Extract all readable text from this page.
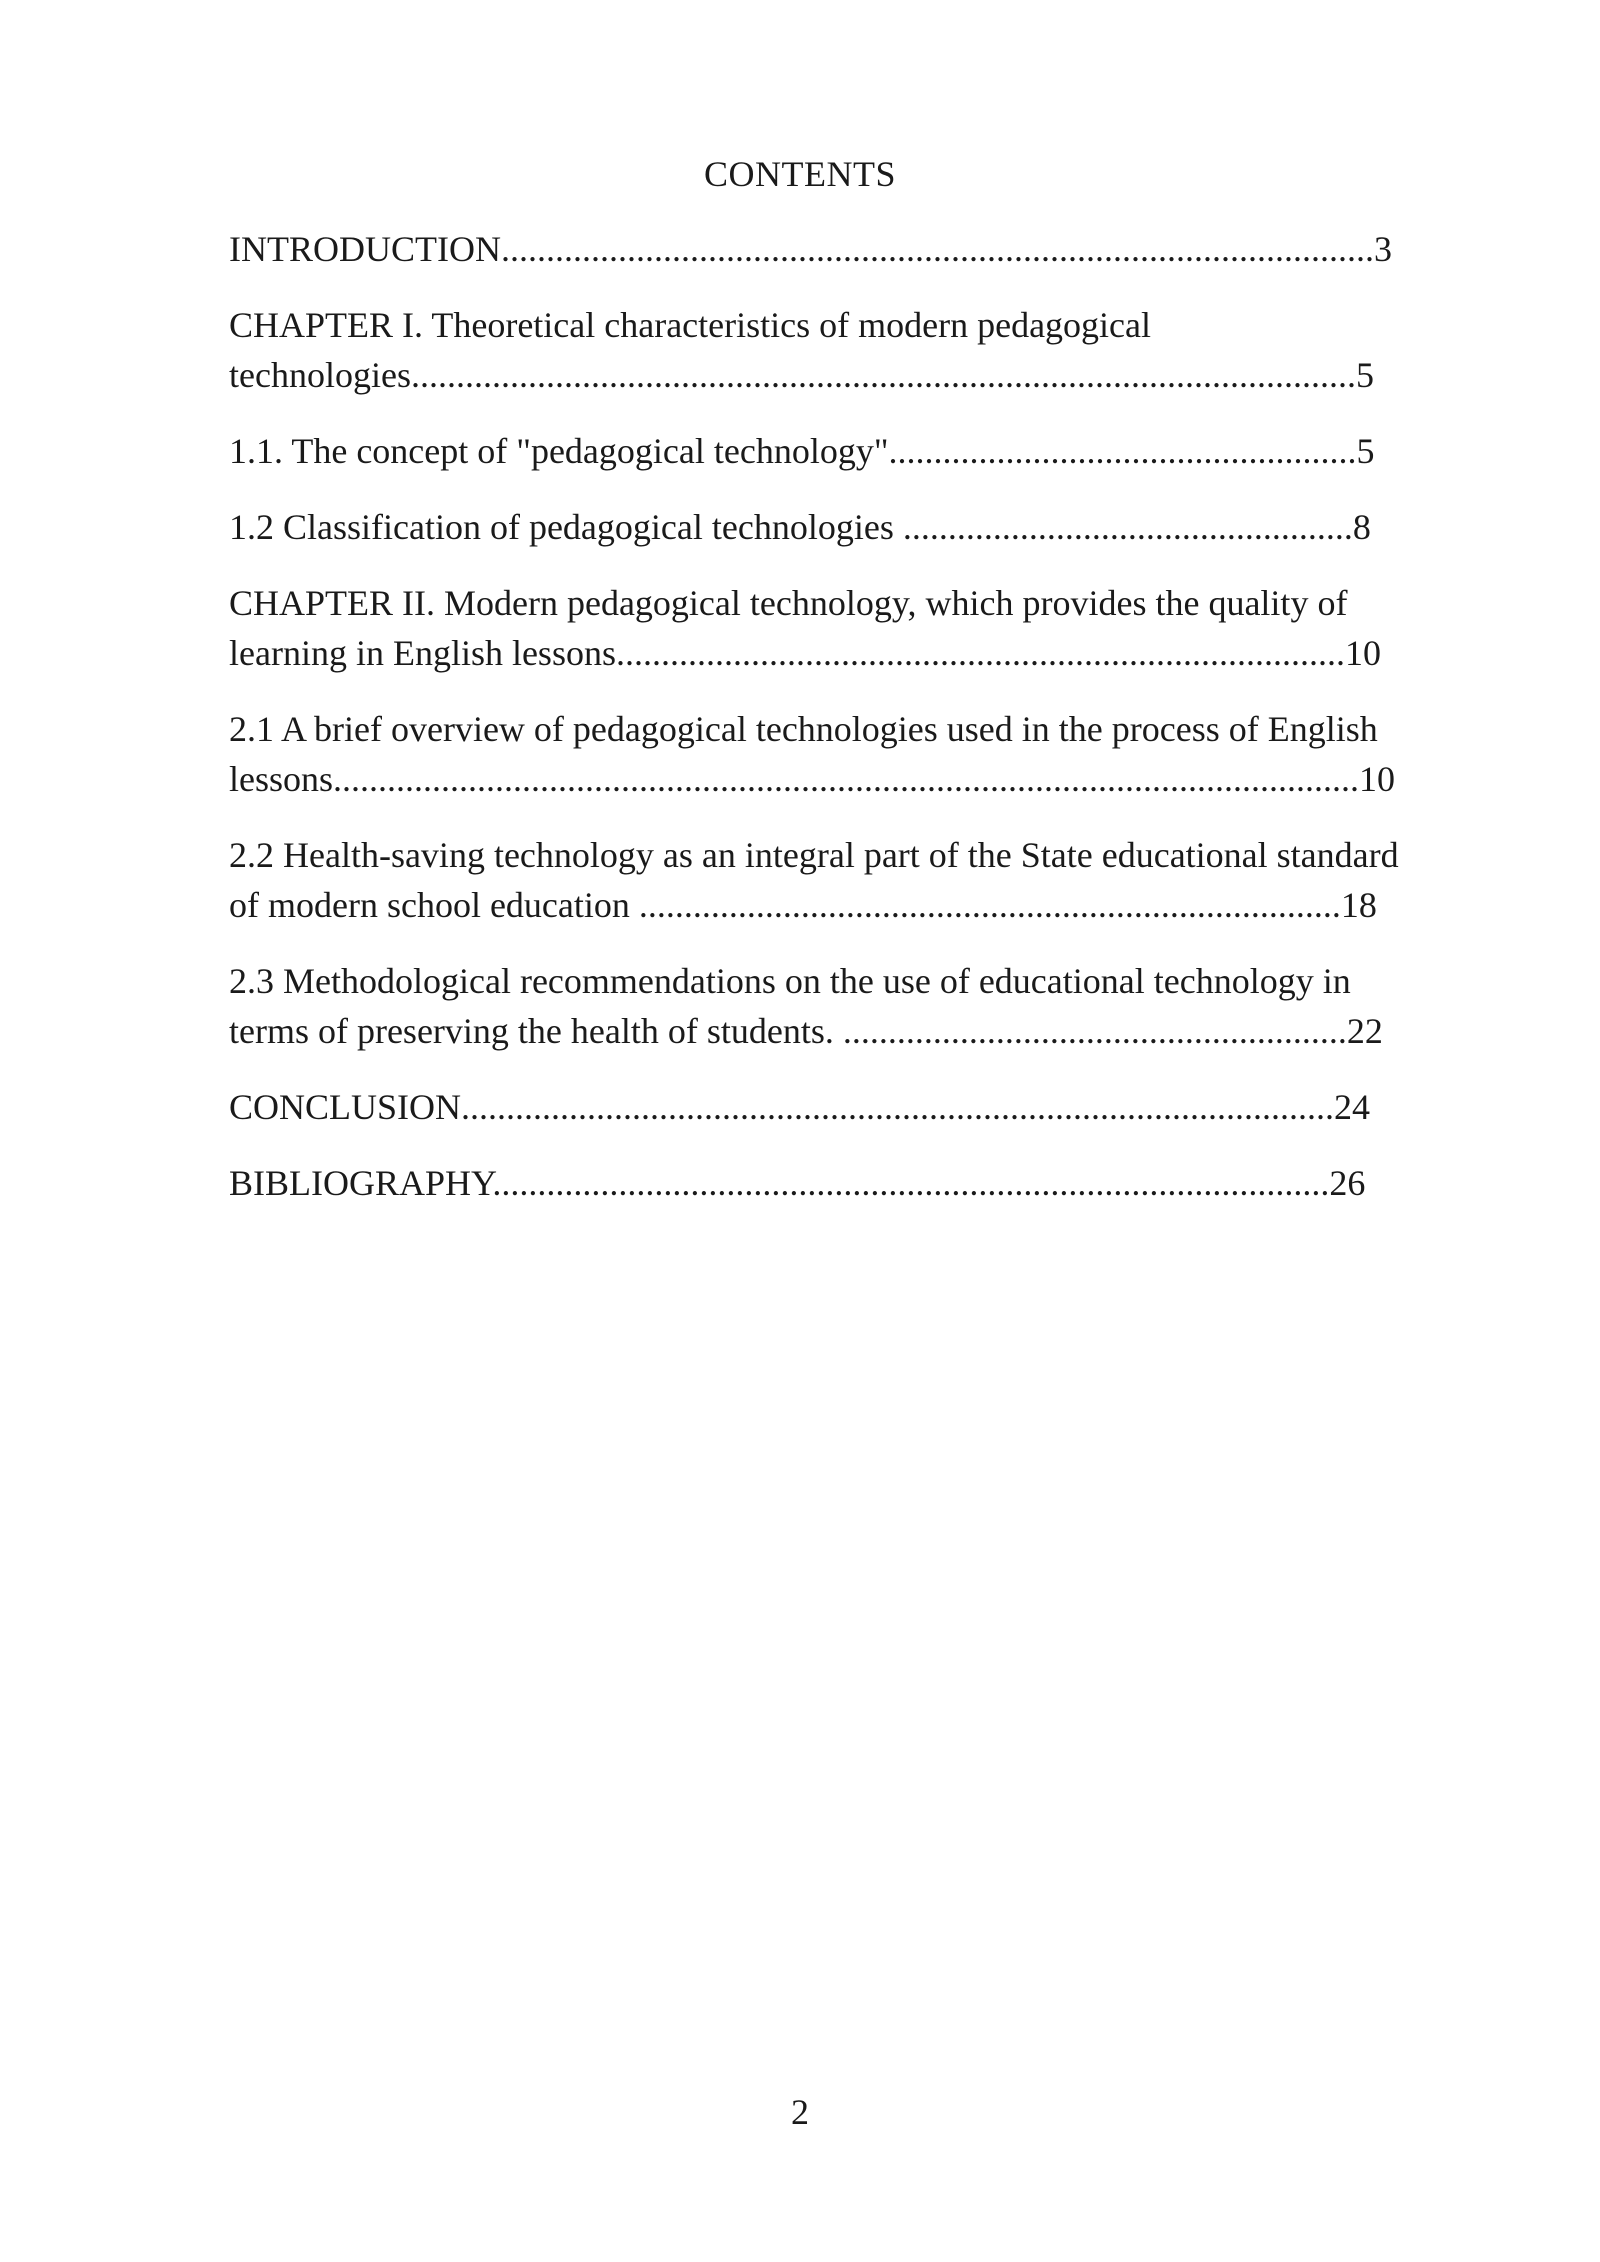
CONTENTS
INTRODUCTION.................................................................................................3
CHAPTER I. Theoretical characteristics of modern pedagogical
technologies.........................................................................................................5
1.1. The concept of "pedagogical technology"....................................................5
1.2 Classification of pedagogical technologies ..................................................8
CHAPTER II. Modern pedagogical technology, which provides the quality of
learning in English lessons.................................................................................10
2.1 A brief overview of pedagogical technologies used in the process of English
lessons..................................................................................................................10
2.2 Health-saving technology as an integral part of the State educational standard
of modern school education ..............................................................................18
2.3 Methodological recommendations on the use of educational technology in
terms of preserving the health of students. ........................................................22
CONCLUSION.................................................................................................24
BIBLIOGRAPHY.............................................................................................26
2
